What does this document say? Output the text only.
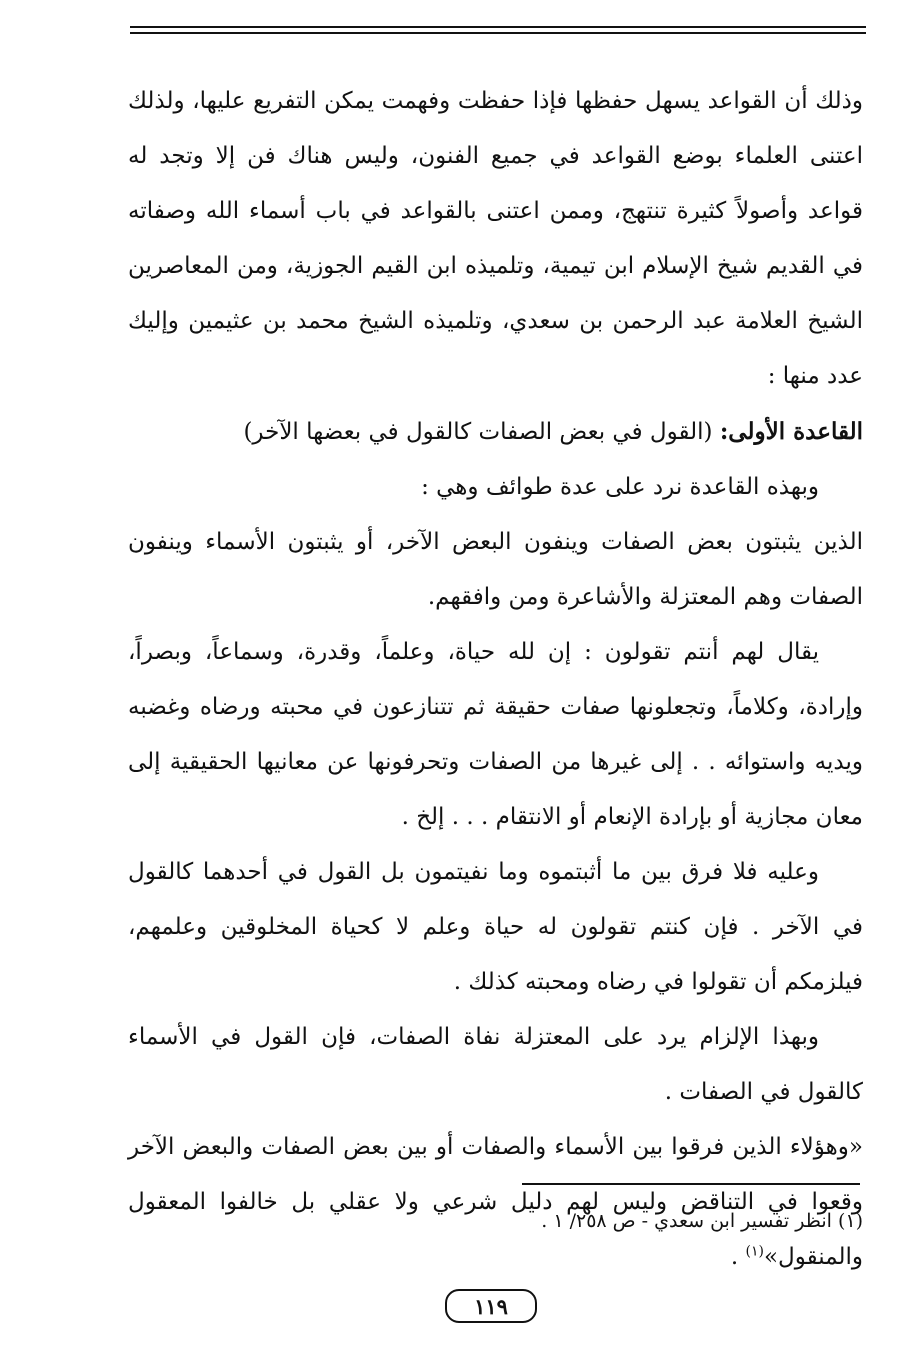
وذلك أن القواعد يسهل حفظها فإذا حفظت وفهمت يمكن التفريع عليها، ولذلك اعتنى العلماء بوضع القواعد في جميع الفنون، وليس هناك فن إلا وتجد له قواعد وأصولاً كثيرة تنتهج، وممن اعتنى بالقواعد في باب أسماء الله وصفاته في القديم شيخ الإسلام ابن تيمية، وتلميذه ابن القيم الجوزية، ومن المعاصرين الشيخ العلامة عبد الرحمن بن سعدي، وتلميذه الشيخ محمد بن عثيمين وإليك عدد منها :

القاعدة الأولى: (القول في بعض الصفات كالقول في بعضها الآخر)

وبهذه القاعدة نرد على عدة طوائف وهي :

الذين يثبتون بعض الصفات وينفون البعض الآخر، أو يثبتون الأسماء وينفون الصفات وهم المعتزلة والأشاعرة ومن وافقهم.

يقال لهم أنتم تقولون : إن لله حياة، وعلماً، وقدرة، وسماعاً، وبصراً، وإرادة، وكلاماً، وتجعلونها صفات حقيقة ثم تتنازعون في محبته ورضاه وغضبه ويديه واستوائه . . إلى غيرها من الصفات وتحرفونها عن معانيها الحقيقية إلى معان مجازية أو بإرادة الإنعام أو الانتقام . . . إلخ .

وعليه فلا فرق بين ما أثبتموه وما نفيتمون بل القول في أحدهما كالقول في الآخر . فإن كنتم تقولون له حياة وعلم لا كحياة المخلوقين وعلمهم، فيلزمكم أن تقولوا في رضاه ومحبته كذلك .

وبهذا الإلزام يرد على المعتزلة نفاة الصفات، فإن القول في الأسماء كالقول في الصفات .

«وهؤلاء الذين فرقوا بين الأسماء والصفات أو بين بعض الصفات والبعض الآخر وقعوا في التناقض وليس لهم دليل شرعي ولا عقلي بل خالفوا المعقول والمنقول»$^{(١)}$ .

(١) انظر تفسير ابن سعدي - ص ٢٥٨/ ١ .
١١٩
